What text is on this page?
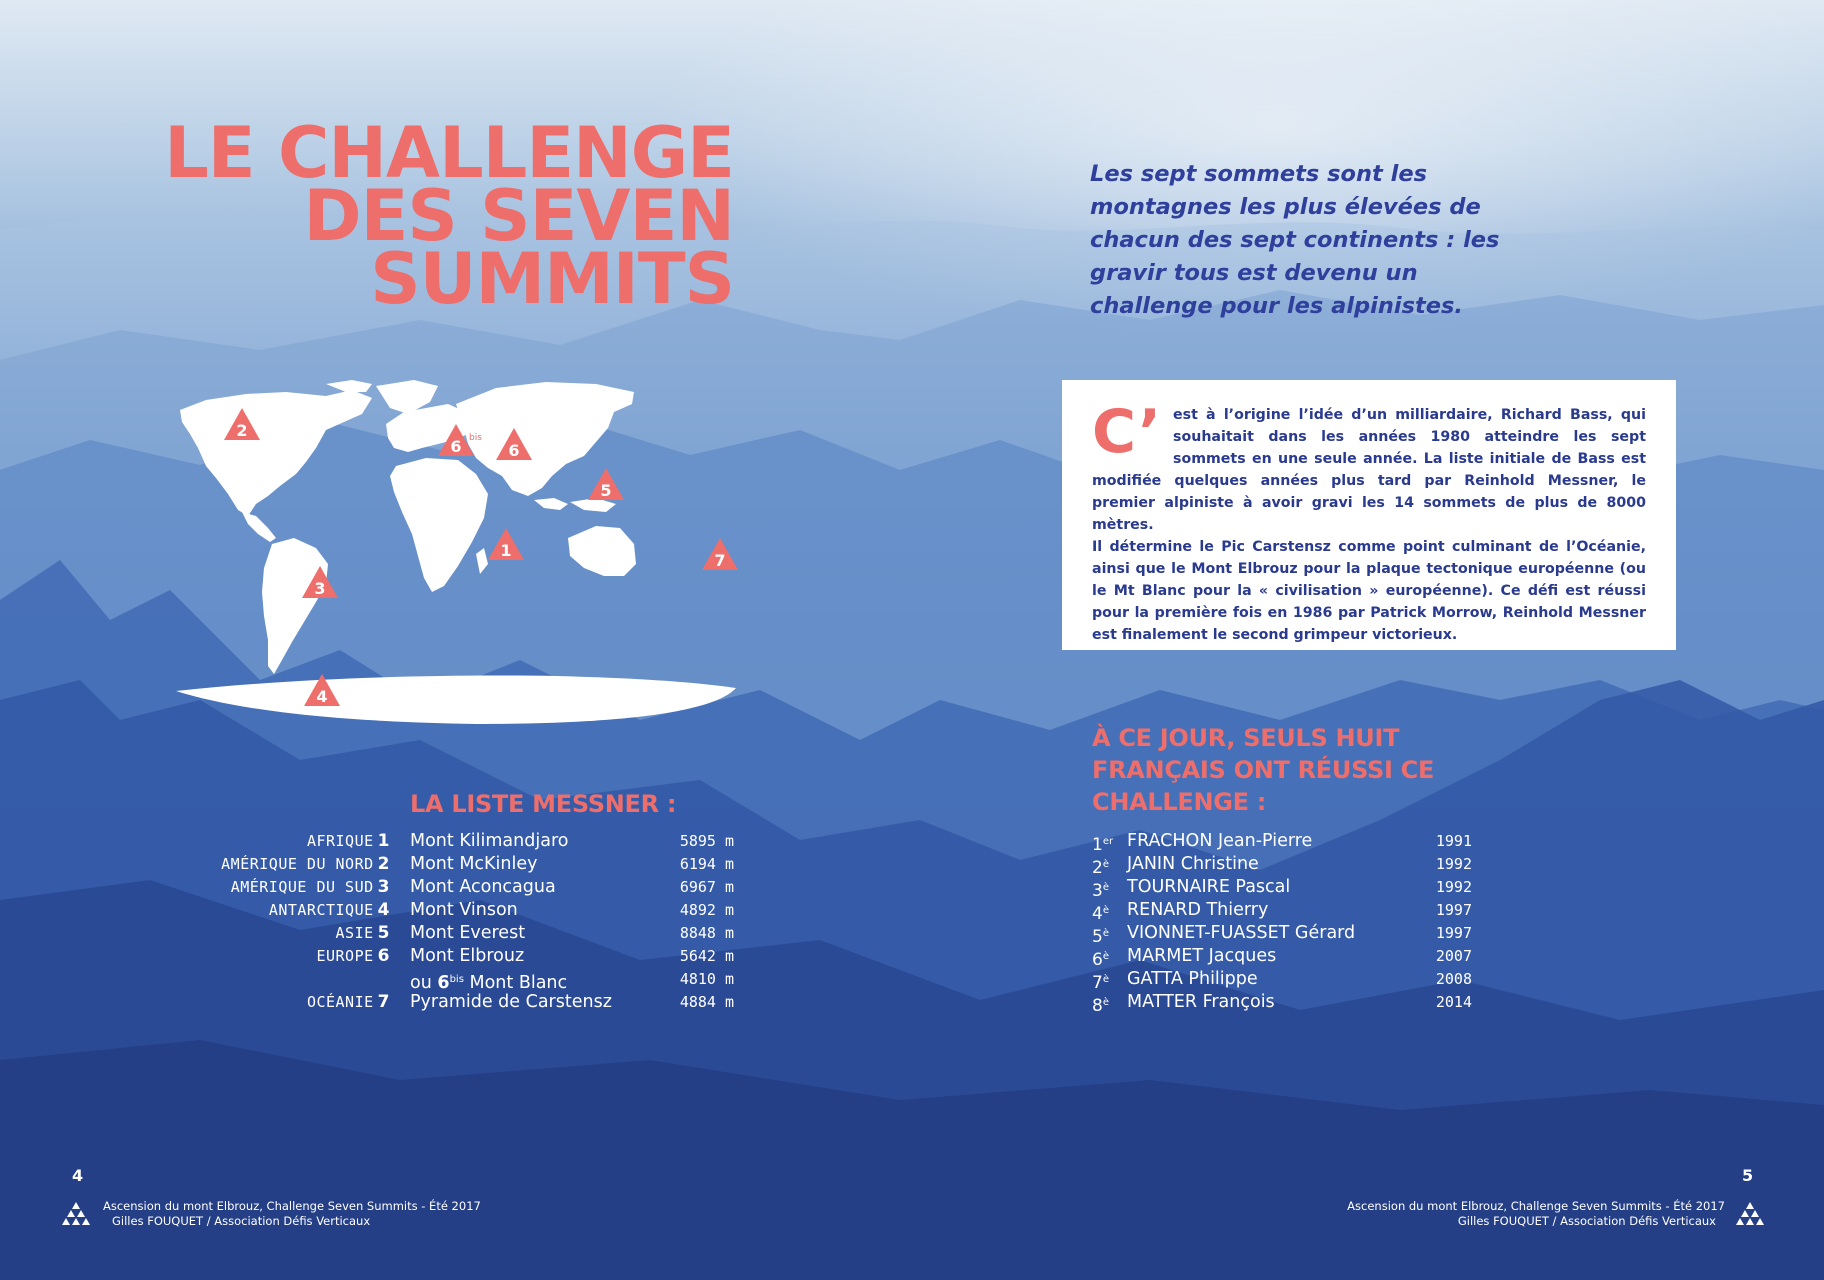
LE CHALLENGE
DES SEVEN
SUMMITS
Les sept sommets sont les montagnes les plus élevées de chacun des sept continents : les gravir tous est devenu un challenge pour les alpinistes.
C’ est à l’origine l’idée d’un milliardaire, Richard Bass, qui souhaitait dans les années 1980 atteindre les sept sommets en une seule année. La liste initiale de Bass est modifiée quelques années plus tard par Reinhold Messner, le premier alpiniste à avoir gravi les 14 sommets de plus de 8000 mètres.

Il détermine le Pic Carstensz comme point culminant de l’Océanie, ainsi que le Mont Elbrouz pour la plaque tectonique européenne (ou le Mt Blanc pour la « civilisation » européenne). Ce défi est réussi pour la première fois en 1986 par Patrick Morrow, Reinhold Messner est finalement le second grimpeur victorieux.

1
2
3
4
5
6
6 bis
7
LA LISTE MESSNER :
AFRIQUE 1 Mont Kilimandjaro	5895 m
AMÉRIQUE DU NORD 2 Mont McKinley	6194 m
AMÉRIQUE DU SUD 3 Mont Aconcagua	6967 m
ANTARCTIQUE 4 Mont Vinson	4892 m
ASIE 5 Mont Everest	8848 m
EUROPE 6 Mont Elbrouz	5642 m
ou $6^{bis}$ Mont Blanc	4810 m
OCÉANIE 7 Pyramide de Carstensz	4884 m
À CE JOUR, SEULS HUIT
FRANÇAIS ONT RÉUSSI CE
CHALLENGE :
1er FRACHON Jean-Pierre	1991
$2^è$ JANIN Christine	1992
$3^è$ TOURNAIRE Pascal	1992
$4^è$ RENARD Thierry	1997
$5^è$ VIONNET-FUASSET Gérard	1997
$6^è$ MARMET Jacques	2007
$7^è$ GATTA Philippe	2008
$8^è$ MATTER François	2014
4
Ascension du mont Elbrouz, Challenge Seven Summits - Été 2017
Gilles FOUQUET / Association Défis Verticaux
5
Ascension du mont Elbrouz, Challenge Seven Summits - Été 2017
Gilles FOUQUET / Association Défis Verticaux
